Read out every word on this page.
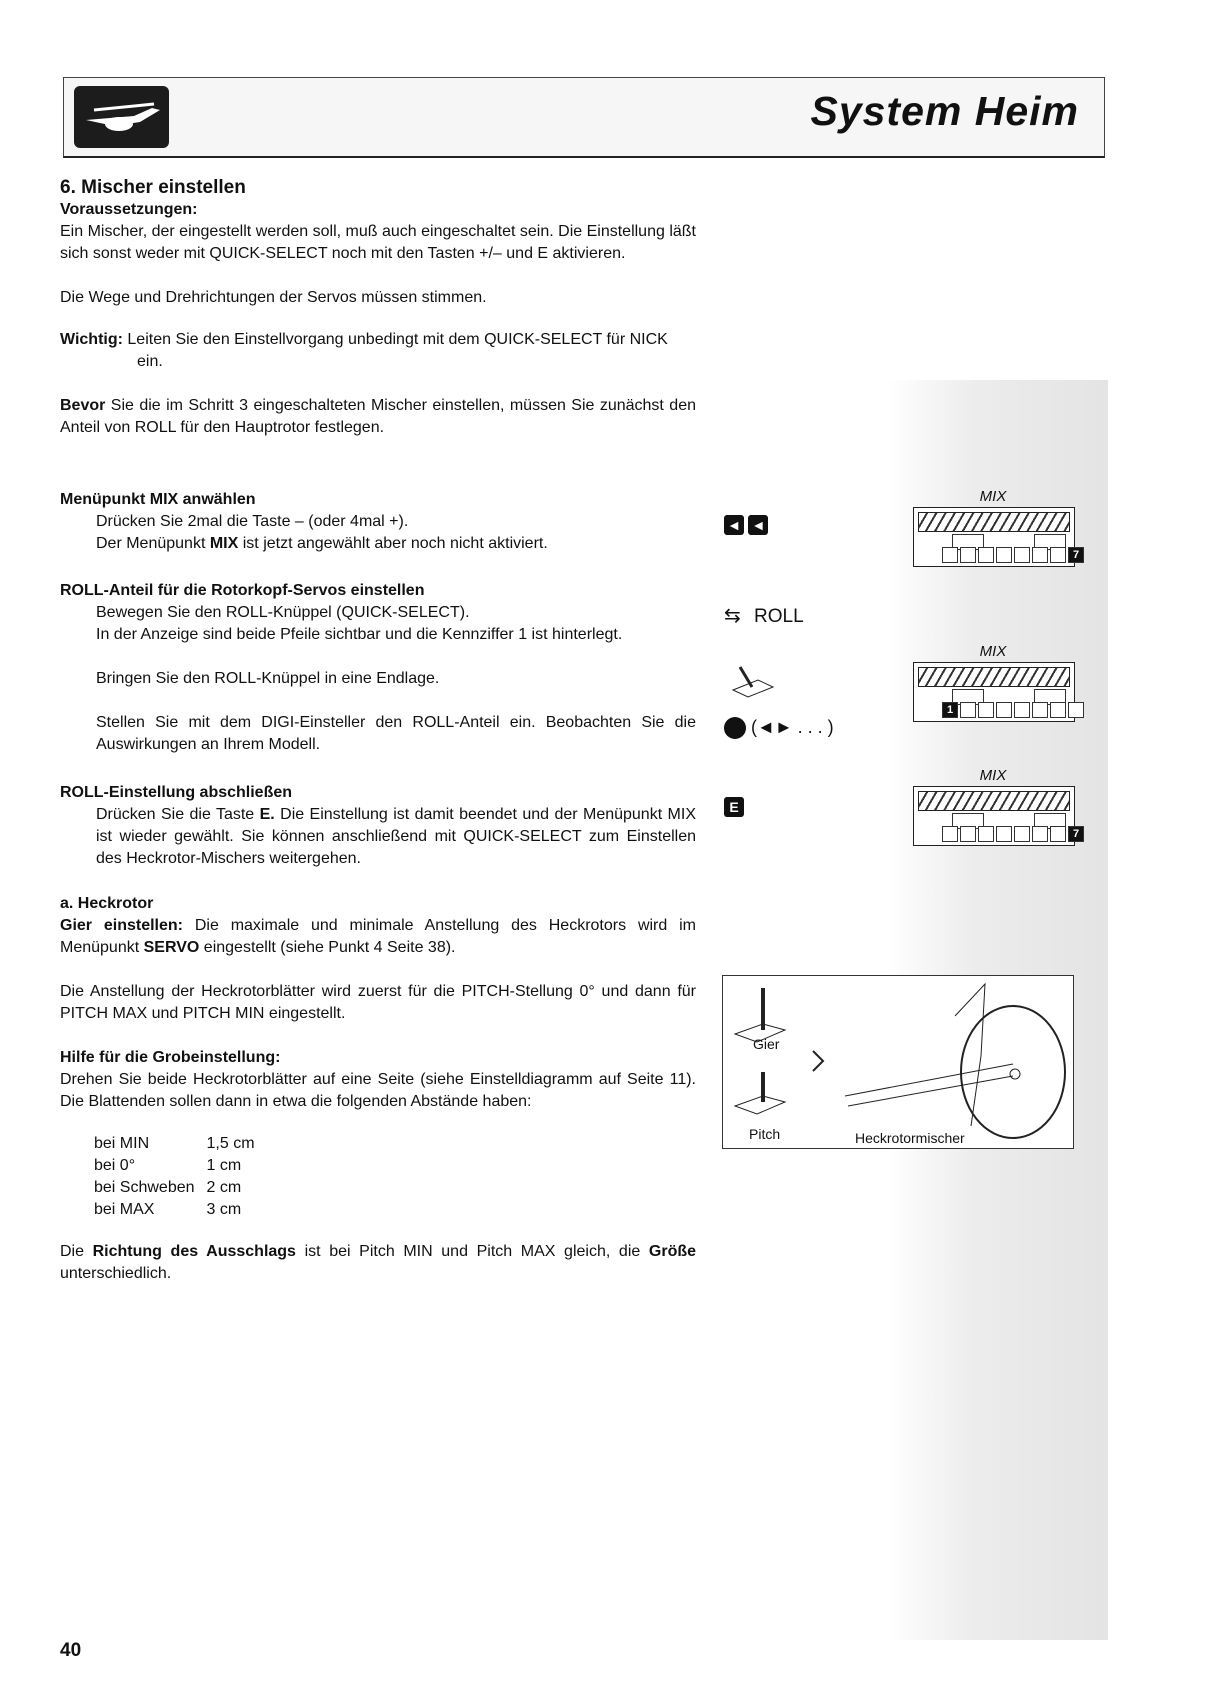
System Heim

6. Mischer einstellen

Voraussetzungen:

Ein Mischer, der eingestellt werden soll, muß auch eingeschaltet sein. Die Einstellung läßt sich sonst weder mit QUICK-SELECT noch mit den Tasten +/– und E aktivieren.

Die Wege und Drehrichtungen der Servos müssen stimmen.

Wichtig: Leiten Sie den Einstellvorgang unbedingt mit dem QUICK-SELECT für NICK ein.

Bevor Sie die im Schritt 3 eingeschalteten Mischer einstellen, müssen Sie zunächst den Anteil von ROLL für den Hauptrotor festlegen.

Menüpunkt MIX anwählen

Drücken Sie 2mal die Taste – (oder 4mal +).

Der Menüpunkt MIX ist jetzt angewählt aber noch nicht aktiviert.

ROLL-Anteil für die Rotorkopf-Servos einstellen

Bewegen Sie den ROLL-Knüppel (QUICK-SELECT).

In der Anzeige sind beide Pfeile sichtbar und die Kennziffer 1 ist hinterlegt.

Bringen Sie den ROLL-Knüppel in eine Endlage.

Stellen Sie mit dem DIGI-Einsteller den ROLL-Anteil ein. Beobachten Sie die Auswirkungen an Ihrem Modell.

ROLL-Einstellung abschließen

Drücken Sie die Taste E. Die Einstellung ist damit beendet und der Menüpunkt MIX ist wieder gewählt. Sie können anschließend mit QUICK-SELECT zum Einstellen des Heckrotor-Mischers weitergehen.

a. Heckrotor

Gier einstellen: Die maximale und minimale Anstellung des Heckrotors wird im Menüpunkt SERVO eingestellt (siehe Punkt 4 Seite 38).

Die Anstellung der Heckrotorblätter wird zuerst für die PITCH-Stellung 0° und dann für PITCH MAX und PITCH MIN eingestellt.

Hilfe für die Grobeinstellung:

Drehen Sie beide Heckrotorblätter auf eine Seite (siehe Einstelldiagramm auf Seite 11). Die Blattenden sollen dann in etwa die folgenden Abstände haben:

bei MIN	1,5 cm
bei 0°	1 cm
bei Schweben	2 cm
bei MAX	3 cm

Die Richtung des Ausschlags ist bei Pitch MIN und Pitch MAX gleich, die Größe unterschiedlich.

◄ ◄
⇆ ROLL
(◄► . . . )
E
MIX
7
MIX
1
MIX
7
Gier
Pitch	Heckrotormischer
40
